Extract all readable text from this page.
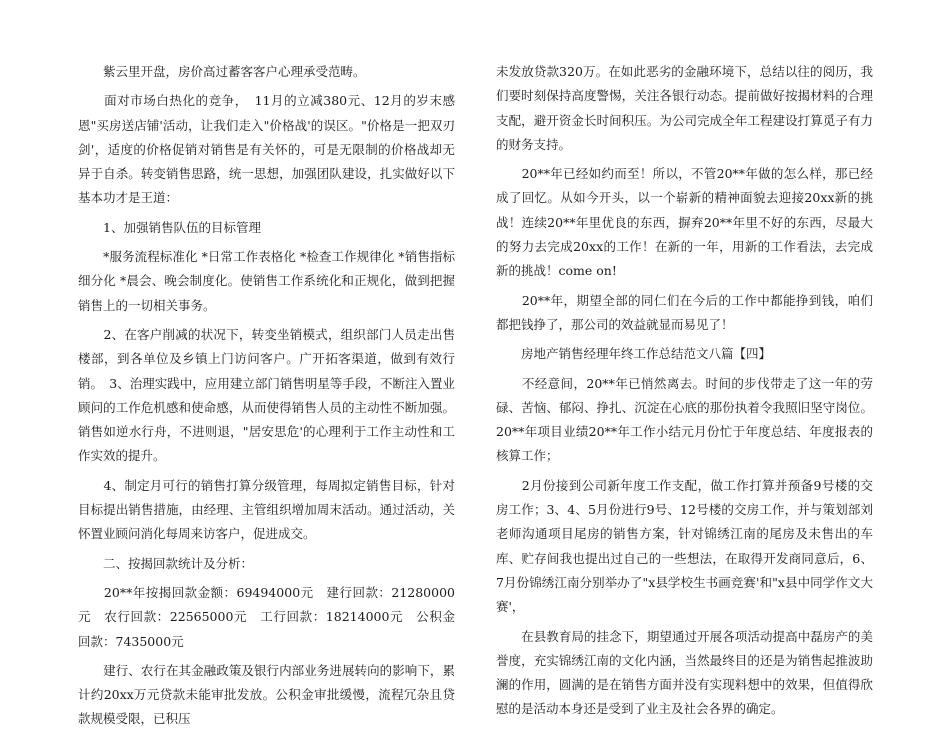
　　紫云里开盘，房价高过蓄客客户心理承受范畴。

　　面对市场白热化的竞争，　11月的立减380元、12月的岁末感恩"买房送店铺'活动，让我们走入"价格战'的误区。"价格是一把双刃剑'，适度的价格促销对销售是有关怀的，可是无限制的价格战却无异于自杀。转变销售思路，统一思想，加强团队建设，扎实做好以下基本功才是王道：

　　1、加强销售队伍的目标管理

　　*服务流程标准化 *日常工作表格化 *检查工作规律化 *销售指标细分化 *晨会、晚会制度化。使销售工作系统化和正规化，做到把握销售上的一切相关事务。

　　2、在客户削减的状况下，转变坐销模式，组织部门人员走出售楼部，到各单位及乡镇上门访问客户。广开拓客渠道，做到有效行销。　3、治理实践中，应用建立部门销售明星等手段，不断注入置业顾问的工作危机感和使命感，从而使得销售人员的主动性不断加强。销售如逆水行舟，不进则退，"居安思危'的心理利于工作主动性和工作实效的提升。

　　4、制定月可行的销售打算分级管理，每周拟定销售目标，针对目标提出销售措施，由经理、主管组织增加周末活动。通过活动，关怀置业顾问消化每周来访客户，促进成交。

　　二、按揭回款统计及分析：

　　20**年按揭回款金额：69494000元　建行回款：21280000元　农行回款：22565000元　工行回款：18214000元　公积金回款：7435000元

　　建行、农行在其金融政策及银行内部业务进展转向的影响下，累计约20xx万元贷款未能审批发放。公积金审批缓慢，流程冗杂且贷款规模受限，已积压

未发放贷款320万。在如此恶劣的金融环境下，总结以往的阅历，我们要时刻保持高度警惕，关注各银行动态。提前做好按揭材料的合理支配，避开资金长时间积压。为公司完成全年工程建设打算觅子有力的财务支持。

　　20**年已经如约而至！所以，不管20**年做的怎么样，那已经成了回忆。从如今开头，以一个崭新的精神面貌去迎接20xx新的挑战！连续20**年里优良的东西，摒弃20**年里不好的东西，尽最大的努力去完成20xx的工作！在新的一年，用新的工作看法，去完成新的挑战！come on!

　　20**年，期望全部的同仁们在今后的工作中都能挣到钱，咱们都把钱挣了，那公司的效益就显而易见了！

　　房地产销售经理年终工作总结范文八篇【四】

　　不经意间，20**年已悄然离去。时间的步伐带走了这一年的劳碌、苦恼、郁闷、挣扎、沉淀在心底的那份执着令我照旧坚守岗位。20**年项目业绩20**年工作小结元月份忙于年度总结、年度报表的核算工作；

　　2月份接到公司新年度工作支配，做工作打算并预备9号楼的交房工作；3、4、5月份进行9号、12号楼的交房工作，并与策划部刘老师沟通项目尾房的销售方案，针对锦绣江南的尾房及未售出的车库、贮存间我也提出过自己的一些想法，在取得开发商同意后，6、7月份锦绣江南分别举办了"x县学校生书画竞赛'和"x县中同学作文大赛'，

　　在县教育局的挂念下，期望通过开展各项活动提高中磊房产的美誉度，充实锦绣江南的文化内涵，当然最终目的还是为销售起推波助澜的作用，圆满的是在销售方面并没有实现料想中的效果，但值得欣慰的是活动本身还是受到了业主及社会各界的确定。
